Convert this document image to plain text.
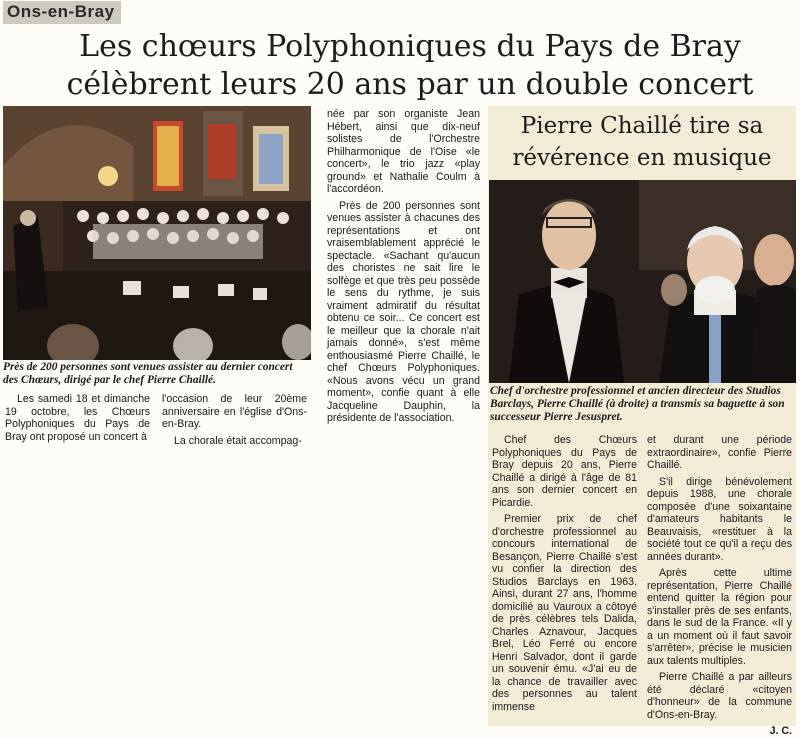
Ons-en-Bray
Les chœurs Polyphoniques du Pays de Bray célèbrent leurs 20 ans par un double concert
Près de 200 personnes sont venues assister au dernier concert des Chœurs, dirigé par le chef Pierre Chaillé.

Les samedi 18 et dimanche 19 octobre, les Chœurs Polyphoniques du Pays de Bray ont proposé un concert à

l'occasion de leur 20ème anniversaire en l'église d'Ons-en-Bray.

La chorale était accompag-

née par son organiste Jean Hébert, ainsi que dix-neuf solistes de l'Orchestre Philharmonique de l'Oise «le concert», le trio jazz «play ground» et Nathalie Coulm à l'accordéon.

Près de 200 personnes sont venues assister à chacunes des représentations et ont vraisemblablement apprécié le spectacle. «Sachant qu'aucun des choristes ne sait lire le solfège et que très peu possède le sens du rythme, je suis vraiment admiratif du résultat obtenu ce soir... Ce concert est le meilleur que la chorale n'ait jamais donné», s'est même enthousiasmé Pierre Chaillé, le chef Chœurs Polyphoniques. «Nous avons vécu un grand moment», confie quant à elle Jacqueline Dauphin, la présidente de l'association.

Pierre Chaillé tire sa révérence en musique
Chef d'orchestre professionnel et ancien directeur des Studios Barclays, Pierre Chaillé (à droite) a transmis sa baguette à son successeur Pierre Jesuspret.

Chef des Chœurs Polyphoniques du Pays de Bray depuis 20 ans, Pierre Chaillé a dirigé à l'âge de 81 ans son dernier concert en Picardie.

Premier prix de chef d'orchestre professionnel au concours international de Besançon, Pierre Chaillé s'est vu confier la direction des Studios Barclays en 1963. Ainsi, durant 27 ans, l'homme domicilié au Vauroux a côtoyé de près célèbres tels Dalida, Charles Aznavour, Jacques Brel, Léo Ferré ou encore Henri Salvador, dont il garde un souvenir ému. «J'ai eu de la chance de travailler avec des personnes au talent immense

et durant une période extraordinaire», confie Pierre Chaillé.

S'il dirige bénévolement depuis 1988, une chorale composée d'une soixantaine d'amateurs habitants le Beauvaisis, «restituer à la société tout ce qu'il a reçu des années durant».

Après cette ultime représentation, Pierre Chaillé entend quitter la région pour s'installer près de ses enfants, dans le sud de la France. «Il y a un moment où il faut savoir s'arrêter», précise le musicien aux talents multiples.

Pierre Chaillé a par ailleurs été déclaré «citoyen d'honneur» de la commune d'Ons-en-Bray.

J. C.
